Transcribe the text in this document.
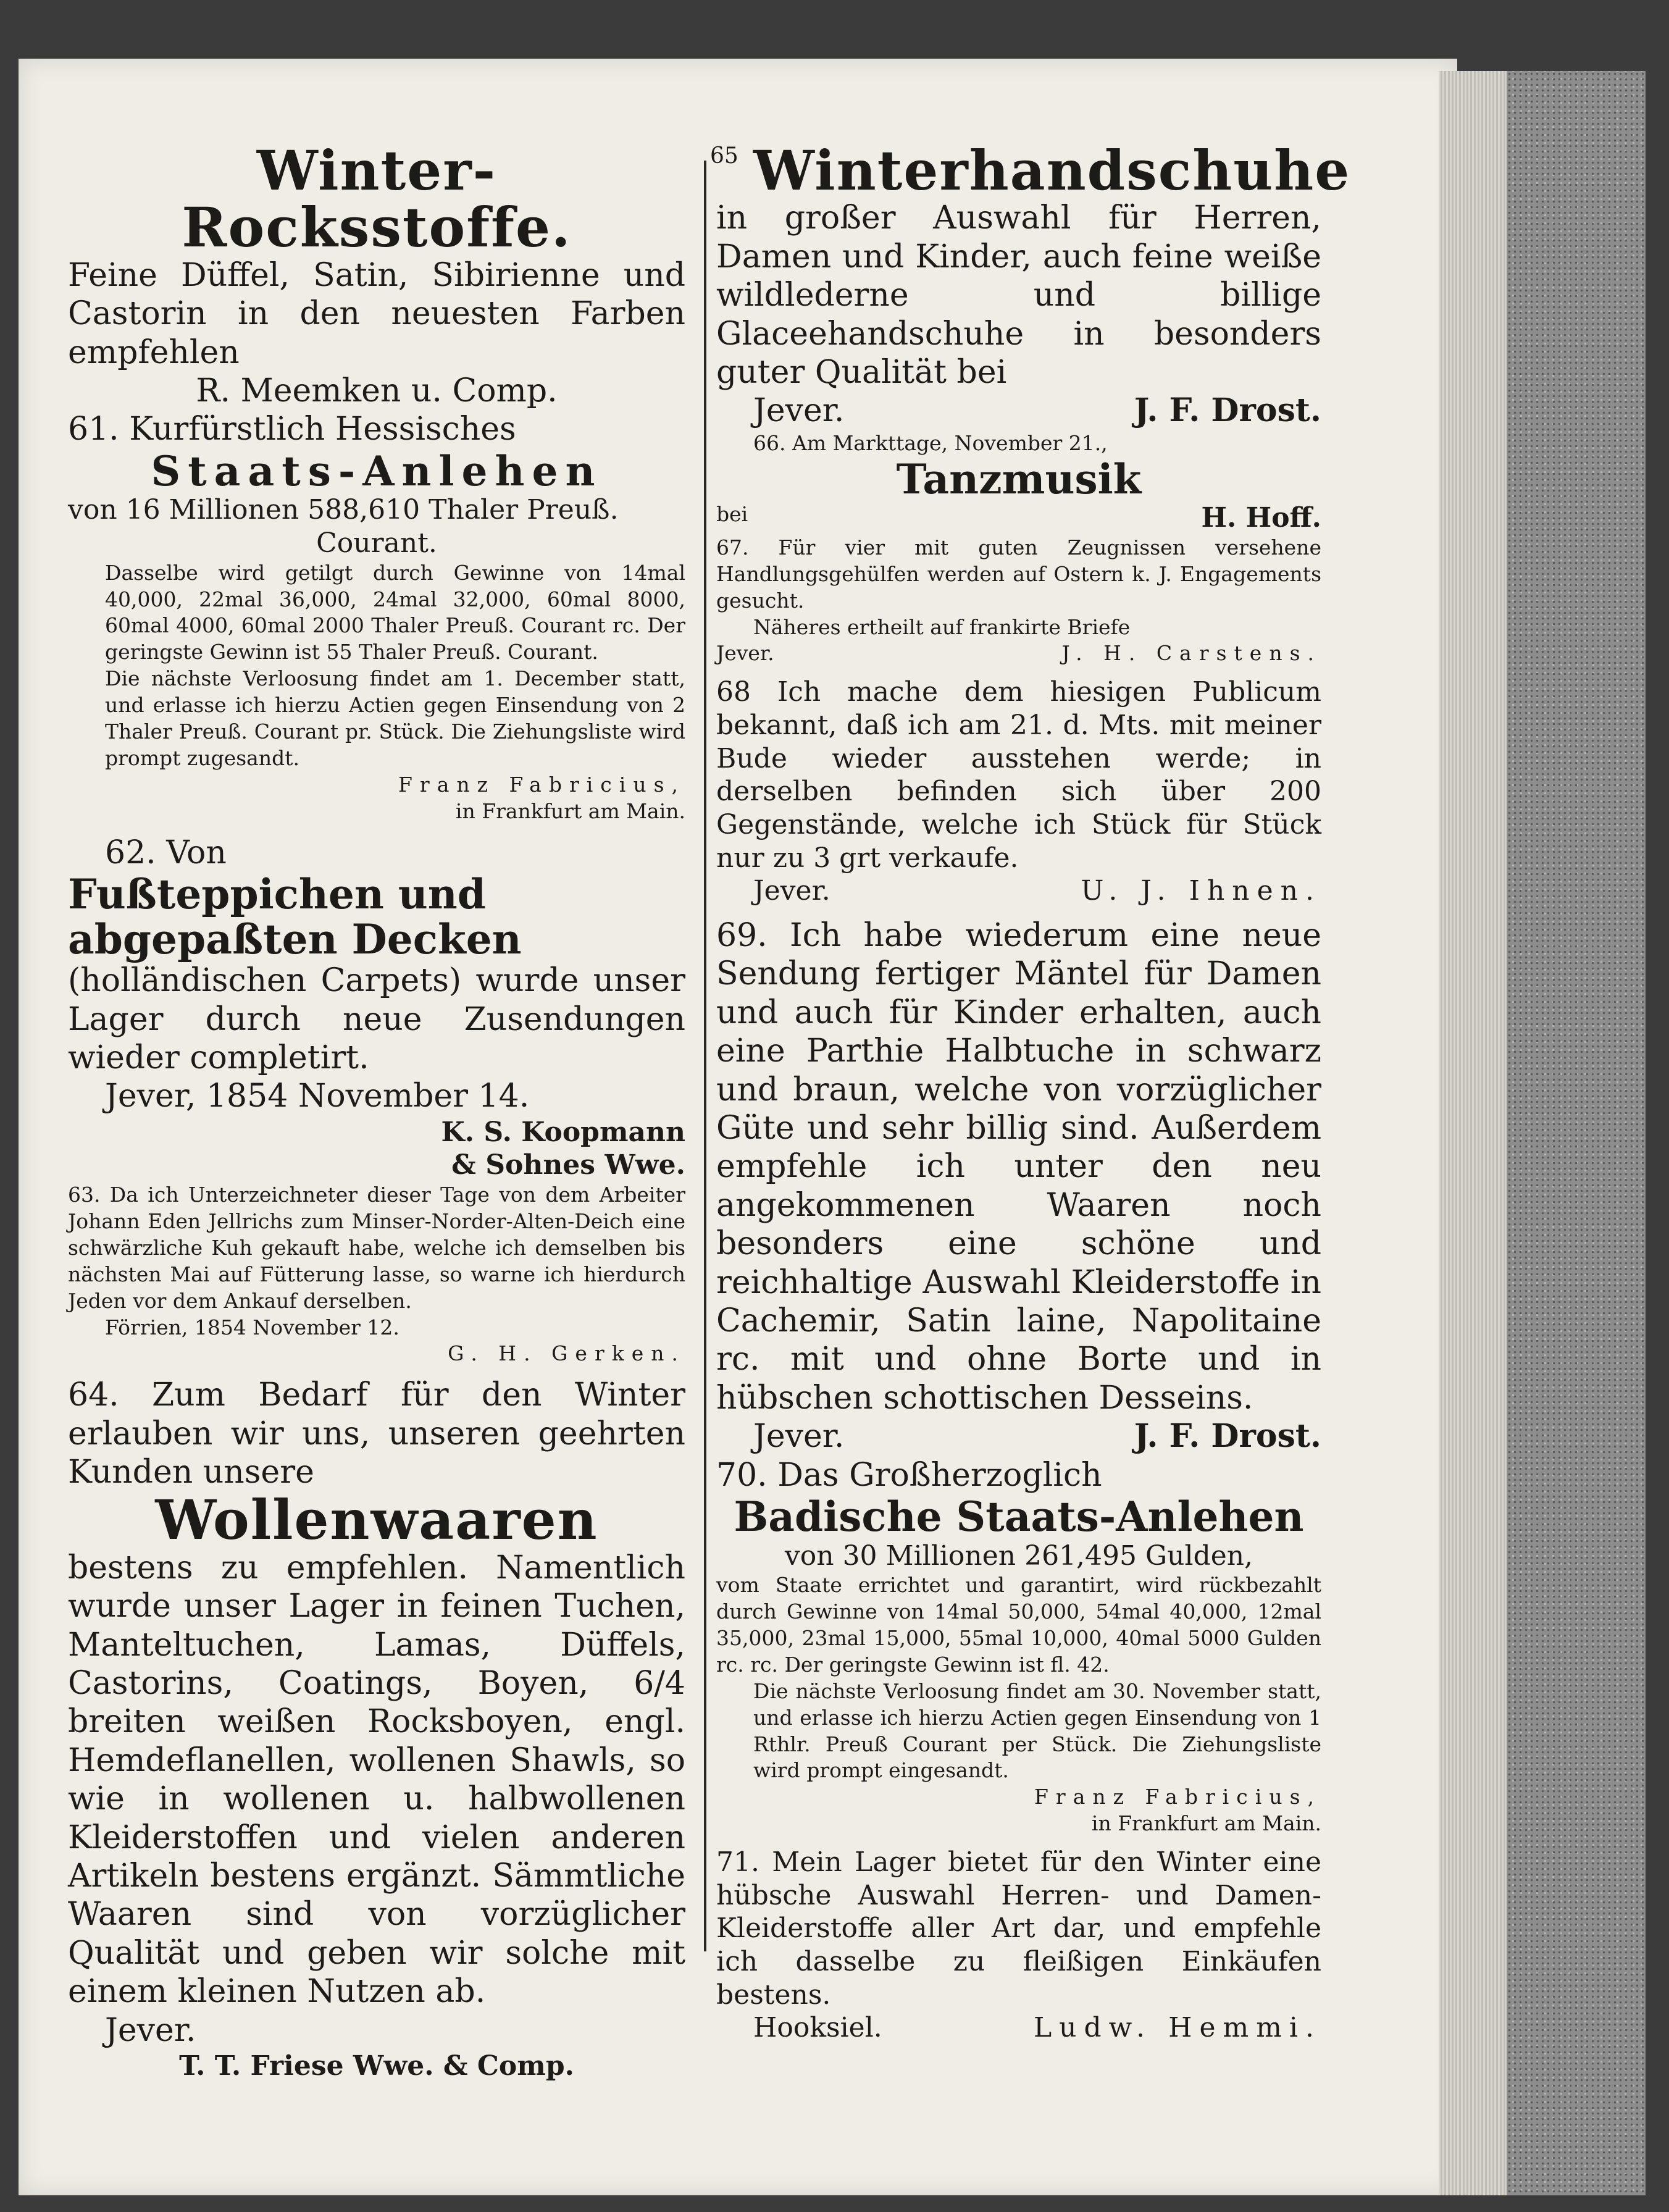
65

Winter-Rocksstoffe.

Feine Düffel, Satin, Sibirienne und Castorin in den neuesten Farben empfehlen

R. Meemken u. Comp.

61. Kurfürstlich Hessisches

Staats-Anlehen

von 16 Millionen 588,610 Thaler Preuß.

Courant.

Dasselbe wird getilgt durch Gewinne von 14mal 40,000, 22mal 36,000, 24mal 32,000, 60mal 8000, 60mal 4000, 60mal 2000 Thaler Preuß. Courant rc. Der geringste Gewinn ist 55 Thaler Preuß. Courant.

Die nächste Verloosung findet am 1. December statt, und erlasse ich hierzu Actien gegen Einsendung von 2 Thaler Preuß. Courant pr. Stück. Die Ziehungsliste wird prompt zugesandt.

Franz Fabricius,

in Frankfurt am Main.

62. Von

Fußteppichen und abgepaßten Decken

(holländischen Carpets) wurde unser Lager durch neue Zusendungen wieder completirt.

Jever, 1854 November 14.

K. S. Koopmann

& Sohnes Wwe.

63. Da ich Unterzeichneter dieser Tage von dem Arbeiter Johann Eden Jellrichs zum Minser-Norder-Alten-Deich eine schwärzliche Kuh gekauft habe, welche ich demselben bis nächsten Mai auf Fütterung lasse, so warne ich hierdurch Jeden vor dem Ankauf derselben.

Förrien, 1854 November 12.

G. H. Gerken.

64. Zum Bedarf für den Winter erlauben wir uns, unseren geehrten Kunden unsere

Wollenwaaren

bestens zu empfehlen. Namentlich wurde unser Lager in feinen Tuchen, Manteltuchen, Lamas, Düffels, Castorins, Coatings, Boyen, 6/4 breiten weißen Rocksboyen, engl. Hemdeflanellen, wollenen Shawls, so wie in wollenen u. halbwollenen Kleiderstoffen und vielen anderen Artikeln bestens ergänzt. Sämmtliche Waaren sind von vorzüglicher Qualität und geben wir solche mit einem kleinen Nutzen ab.

Jever.

T. T. Friese Wwe. & Comp.

Winterhandschuhe

in großer Auswahl für Herren, Damen und Kinder, auch feine weiße wildlederne und billige Glaceehandschuhe in besonders guter Qualität bei

Jever.	J. F. Drost.

66. Am Markttage, November 21.,

Tanzmusik

bei	H. Hoff.

67. Für vier mit guten Zeugnissen versehene Handlungsgehülfen werden auf Ostern k. J. Engagements gesucht.

Näheres ertheilt auf frankirte Briefe

Jever.	J. H. Carstens.

68 Ich mache dem hiesigen Publicum bekannt, daß ich am 21. d. Mts. mit meiner Bude wieder ausstehen werde; in derselben befinden sich über 200 Gegenstände, welche ich Stück für Stück nur zu 3 grt verkaufe.

Jever.	U. J. Ihnen.

69. Ich habe wiederum eine neue Sendung fertiger Mäntel für Damen und auch für Kinder erhalten, auch eine Parthie Halbtuche in schwarz und braun, welche von vorzüglicher Güte und sehr billig sind. Außerdem empfehle ich unter den neu angekommenen Waaren noch besonders eine schöne und reichhaltige Auswahl Kleiderstoffe in Cachemir, Satin laine, Napolitaine rc. mit und ohne Borte und in hübschen schottischen Desseins.

Jever.	J. F. Drost.

70. Das Großherzoglich

Badische Staats-Anlehen

von 30 Millionen 261,495 Gulden,

vom Staate errichtet und garantirt, wird rückbezahlt durch Gewinne von 14mal 50,000, 54mal 40,000, 12mal 35,000, 23mal 15,000, 55mal 10,000, 40mal 5000 Gulden rc. rc. Der geringste Gewinn ist fl. 42.

Die nächste Verloosung findet am 30. November statt, und erlasse ich hierzu Actien gegen Einsendung von 1 Rthlr. Preuß Courant per Stück. Die Ziehungsliste wird prompt eingesandt.

Franz Fabricius,

in Frankfurt am Main.

71. Mein Lager bietet für den Winter eine hübsche Auswahl Herren- und Damen-Kleiderstoffe aller Art dar, und empfehle ich dasselbe zu fleißigen Einkäufen bestens.

Hooksiel.	Ludw. Hemmi.
